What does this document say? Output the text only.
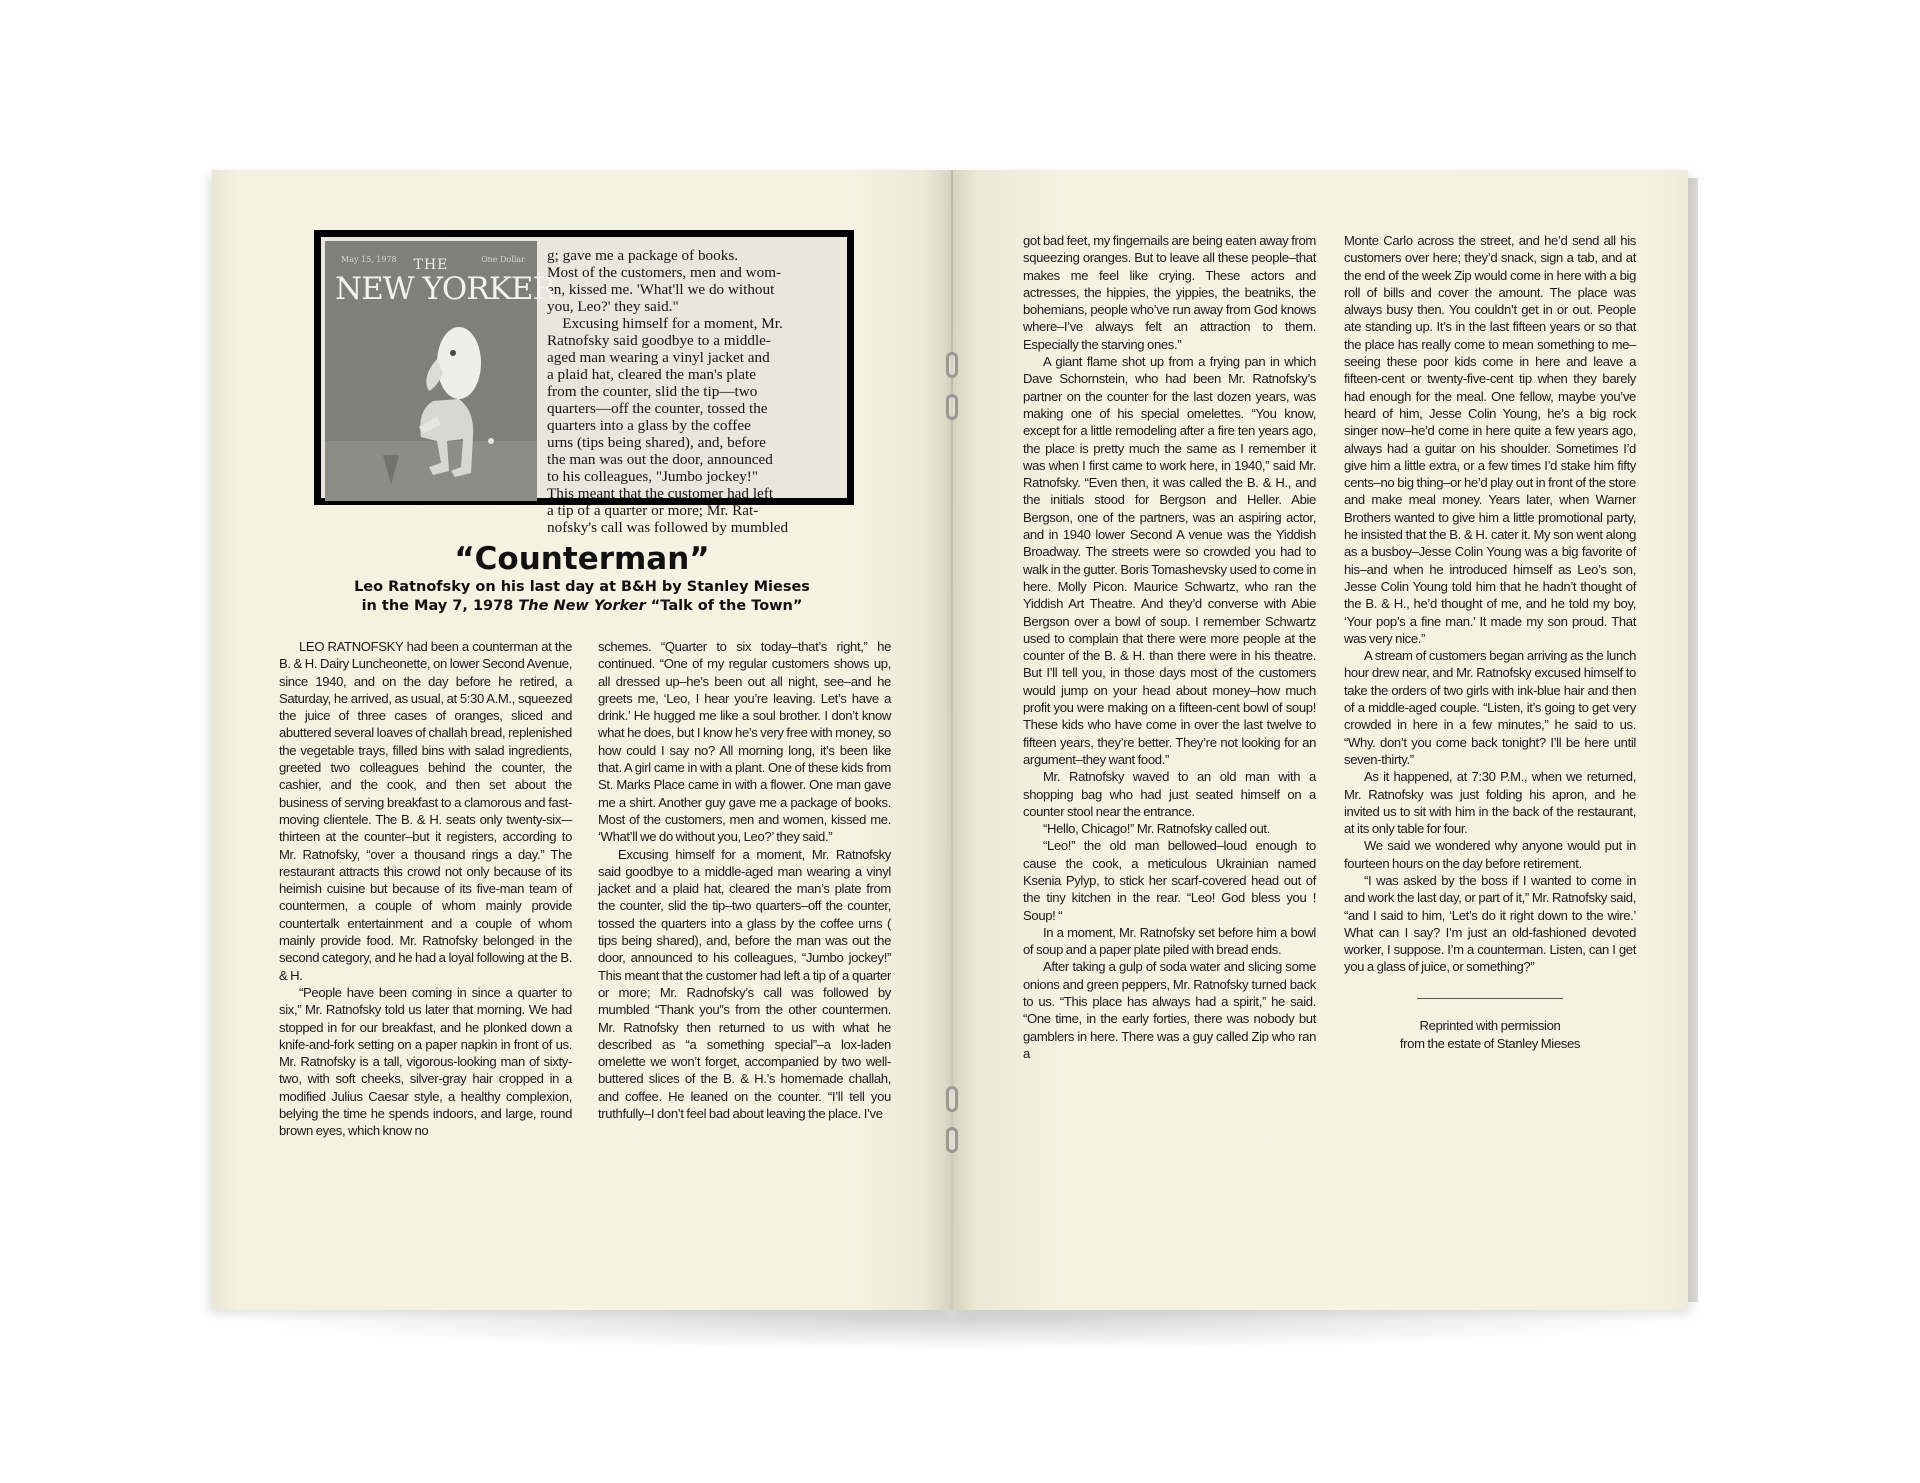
May 15, 1978	One Dollar
THE
NEW YORKER
g; gave me a package of books.
Most of the customers, men and wom-
en, kissed me. 'What'll we do without
you, Leo?' they said."
Excusing himself for a moment, Mr.
Ratnofsky said goodbye to a middle-
aged man wearing a vinyl jacket and
a plaid hat, cleared the man's plate
from the counter, slid the tip—two
quarters—off the counter, tossed the
quarters into a glass by the coffee
urns (tips being shared), and, before
the man was out the door, announced
to his colleagues, "Jumbo jockey!"
This meant that the customer had left
a tip of a quarter or more; Mr. Rat-
nofsky's call was followed by mumbled
“Counterman”
Leo Ratnofsky on his last day at B&H by Stanley Mieses
in the May 7, 1978 The New Yorker “Talk of the Town”

LEO RATNOFSKY had been a counterman at the B. & H. Dairy Luncheonette, on lower Second Avenue, since 1940, and on the day before he retired, a Saturday, he arrived, as usual, at 5:30 A.M., squeezed the juice of three cases of oranges, sliced and abuttered several loaves of challah bread, replenished the vegetable trays, filled bins with salad ingredients, greeted two colleagues behind the counter, the cashier, and the cook, and then set about the business of serving breakfast to a clamorous and fast-moving clientele. The B. & H. seats only twenty-six-–thirteen at the counter–but it registers, according to Mr. Ratnofsky, “over a thousand rings a day.” The restaurant attracts this crowd not only because of its heimish cuisine but because of its five-man team of countermen, a couple of whom mainly provide countertalk entertainment and a couple of whom mainly provide food. Mr. Ratnofsky belonged in the second category, and he had a loyal following at the B. & H.

“People have been coming in since a quarter to six,” Mr. Ratnofsky told us later that morning. We had stopped in for our breakfast, and he plonked down a knife-and-fork setting on a paper napkin in front of us. Mr. Ratnofsky is a tall, vigorous-looking man of sixty-two, with soft cheeks, silver-gray hair cropped in a modified Julius Caesar style, a healthy complexion, belying the time he spends indoors, and large, round brown eyes, which know no

schemes. “Quarter to six today–that’s right,” he continued. “One of my regular customers shows up, all dressed up–he’s been out all night, see–and he greets me, ‘Leo, I hear you’re leaving. Let’s have a drink.’ He hugged me like a soul brother. I don’t know what he does, but I know he’s very free with money, so how could I say no? All morning long, it’s been like that. A girl came in with a plant. One of these kids from St. Marks Place came in with a flower. One man gave me a shirt. Another guy gave me a package of books. Most of the customers, men and women, kissed me. ‘What’ll we do without you, Leo?’ they said.”

Excusing himself for a moment, Mr. Ratnofsky said goodbye to a middle-aged man wearing a vinyl jacket and a plaid hat, cleared the man’s plate from the counter, slid the tip–two quarters–off the counter, tossed the quarters into a glass by the coffee urns ( tips being shared), and, before the man was out the door, announced to his colleagues, “Jumbo jockey!” This meant that the customer had left a tip of a quarter or more; Mr. Radnofsky’s call was followed by mumbled “Thank you”s from the other countermen. Mr. Ratnofsky then returned to us with what he described as “a something special”–a lox-laden omelette we won’t forget, accompanied by two well-buttered slices of the B. & H.’s homemade challah, and coffee. He leaned on the counter. “I’ll tell you truthfully–I don’t feel bad about leaving the place. I’ve

got bad feet, my fingernails are being eaten away from squeezing oranges. But to leave all these people–that makes me feel like crying. These actors and actresses, the hippies, the yippies, the beatniks, the bohemians, people who’ve run away from God knows where–I’ve always felt an attraction to them. Especially the starving ones.”

A giant flame shot up from a frying pan in which Dave Schornstein, who had been Mr. Ratnofsky’s partner on the counter for the last dozen years, was making one of his special omelettes. “You know, except for a little remodeling after a fire ten years ago, the place is pretty much the same as I remember it was when I first came to work here, in 1940,” said Mr. Ratnofsky. “Even then, it was called the B. & H., and the initials stood for Bergson and Heller. Abie Bergson, one of the partners, was an aspiring actor, and in 1940 lower Second A venue was the Yiddish Broadway. The streets were so crowded you had to walk in the gutter. Boris Tomashevsky used to come in here. Molly Picon. Maurice Schwartz, who ran the Yiddish Art Theatre. And they’d converse with Abie Bergson over a bowl of soup. I remember Schwartz used to complain that there were more people at the counter of the B. & H. than there were in his theatre. But I’ll tell you, in those days most of the customers would jump on your head about money–how much profit you were making on a fifteen-cent bowl of soup! These kids who have come in over the last twelve to fifteen years, they’re better. They’re not looking for an argument–they want food.”

Mr. Ratnofsky waved to an old man with a shopping bag who had just seated himself on a counter stool near the entrance.

“Hello, Chicago!” Mr. Ratnofsky called out.

“Leo!” the old man bellowed–loud enough to cause the cook, a meticulous Ukrainian named Ksenia Pylyp, to stick her scarf-covered head out of the tiny kitchen in the rear. “Leo! God bless you ! Soup! “

In a moment, Mr. Ratnofsky set before him a bowl of soup and a paper plate piled with bread ends.

After taking a gulp of soda water and slicing some onions and green peppers, Mr. Ratnofsky turned back to us. “This place has always had a spirit,” he said. “One time, in the early forties, there was nobody but gamblers in here. There was a guy called Zip who ran a

Monte Carlo across the street, and he’d send all his customers over here; they’d snack, sign a tab, and at the end of the week Zip would come in here with a big roll of bills and cover the amount. The place was always busy then. You couldn’t get in or out. People ate standing up. It’s in the last fifteen years or so that the place has really come to mean something to me–seeing these poor kids come in here and leave a fifteen-cent or twenty-five-cent tip when they barely had enough for the meal. One fellow, maybe you’ve heard of him, Jesse Colin Young, he’s a big rock singer now–he’d come in here quite a few years ago, always had a guitar on his shoulder. Sometimes I’d give him a little extra, or a few times I’d stake him fifty cents–no big thing–or he’d play out in front of the store and make meal money. Years later, when Warner Brothers wanted to give him a little promotional party, he insisted that the B. & H. cater it. My son went along as a busboy–Jesse Colin Young was a big favorite of his–and when he introduced himself as Leo’s son, Jesse Colin Young told him that he hadn’t thought of the B. & H., he’d thought of me, and he told my boy, ‘Your pop’s a fine man.’ It made my son proud. That was very nice.”

A stream of customers began arriving as the lunch hour drew near, and Mr. Ratnofsky excused himself to take the orders of two girls with ink-blue hair and then of a middle-aged couple. “Listen, it’s going to get very crowded in here in a few minutes,” he said to us. “Why. don’t you come back tonight? I’ll be here until seven-thirty.”

As it happened, at 7:30 P.M., when we returned, Mr. Ratnofsky was just folding his apron, and he invited us to sit with him in the back of the restaurant, at its only table for four.

We said we wondered why anyone would put in fourteen hours on the day before retirement.

“I was asked by the boss if I wanted to come in and work the last day, or part of it,” Mr. Ratnofsky said, “and I said to him, ‘Let’s do it right down to the wire.’ What can I say? I’m just an old-fashioned devoted worker, I suppose. I’m a counterman. Listen, can I get you a glass of juice, or something?”

Reprinted with permission
from the estate of Stanley Mieses
